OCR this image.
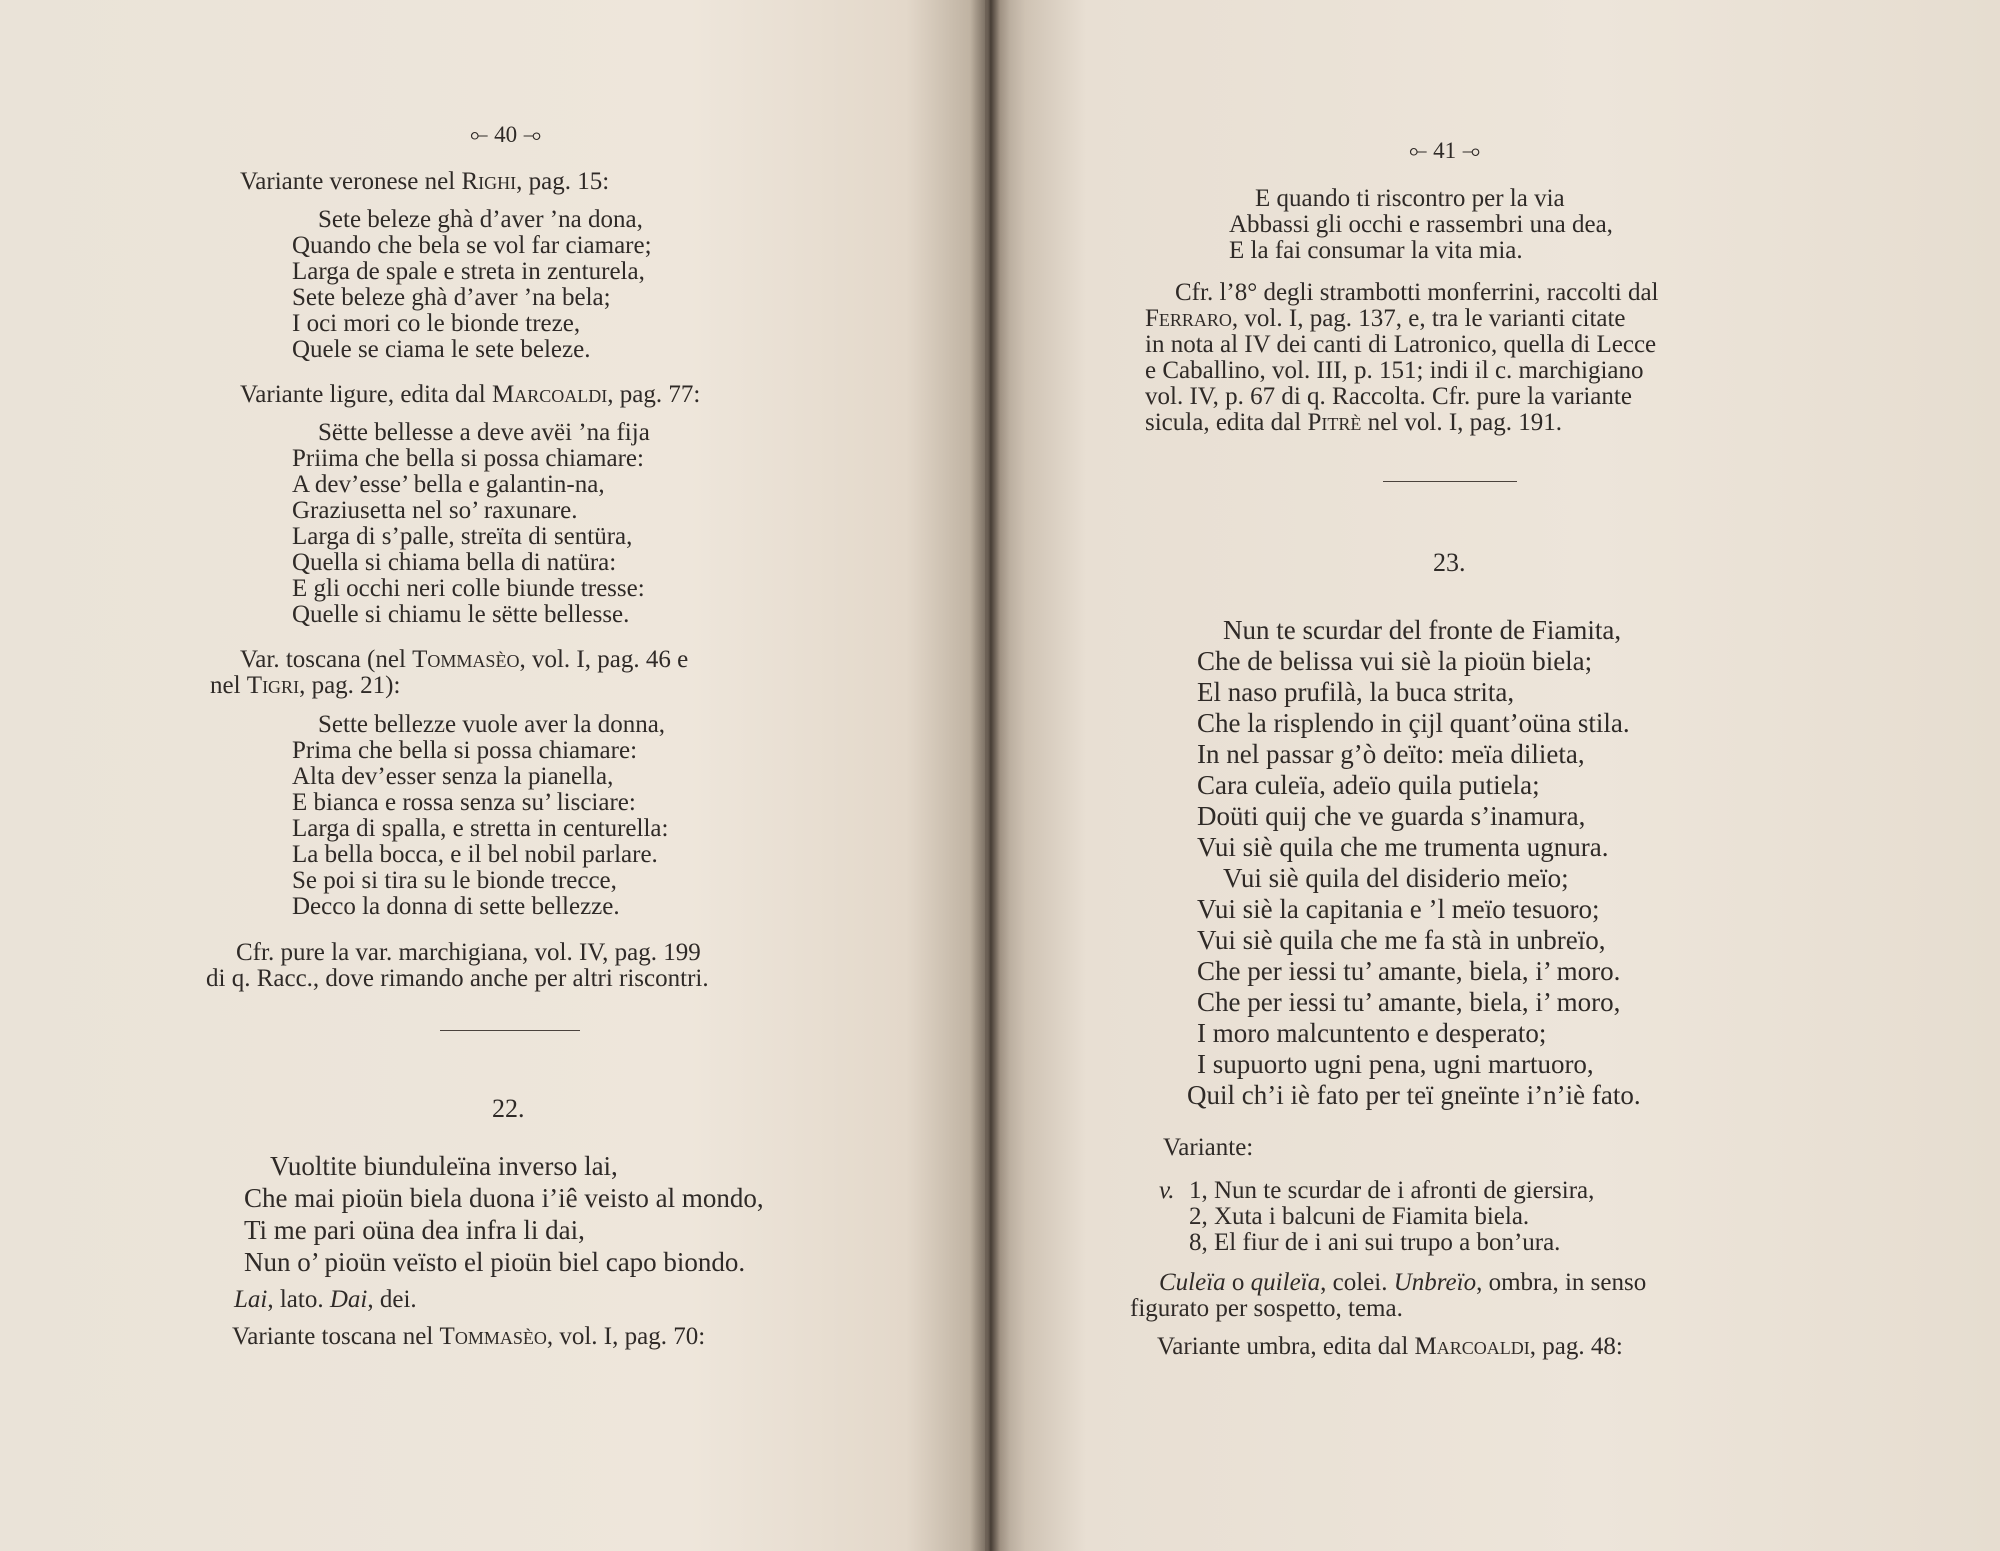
⟜ 40 ⊸
Variante veronese nel Righi, pag. 15:
Sete beleze ghà d’aver ’na dona,
Quando che bela se vol far ciamare;
Larga de spale e streta in zenturela,
Sete beleze ghà d’aver ’na bela;
I oci mori co le bionde treze,
Quele se ciama le sete beleze.
Variante ligure, edita dal Marcoaldi, pag. 77:
Sëtte bellesse a deve avëi ’na fija
Priima che bella si possa chiamare:
A dev’esse’ bella e galantin-na,
Graziusetta nel so’ raxunare.
Larga di s’palle, streïta di sentüra,
Quella si chiama bella di natüra:
E gli occhi neri colle biunde tresse:
Quelle si chiamu le sëtte bellesse.
Var. toscana (nel Tommasèo, vol. I, pag. 46 e
nel Tigri, pag. 21):
Sette bellezze vuole aver la donna,
Prima che bella si possa chiamare:
Alta dev’esser senza la pianella,
E bianca e rossa senza su’ lisciare:
Larga di spalla, e stretta in centurella:
La bella bocca, e il bel nobil parlare.
Se poi si tira su le bionde trecce,
Decco la donna di sette bellezze.
Cfr. pure la var. marchigiana, vol. IV, pag. 199
di q. Racc., dove rimando anche per altri riscontri.
22.
Vuoltite biunduleïna inverso lai,
Che mai pioün biela duona i’iê veisto al mondo,
Ti me pari oüna dea infra li dai,
Nun o’ pioün veïsto el pioün biel capo biondo.
Lai, lato. Dai, dei.
Variante toscana nel Tommasèo, vol. I, pag. 70:
⟜ 41 ⊸
E quando ti riscontro per la via
Abbassi gli occhi e rassembri una dea,
E la fai consumar la vita mia.
Cfr. l’8° degli strambotti monferrini, raccolti dal
Ferraro, vol. I, pag. 137, e, tra le varianti citate
in nota al IV dei canti di Latronico, quella di Lecce
e Caballino, vol. III, p. 151; indi il c. marchigiano
vol. IV, p. 67 di q. Raccolta. Cfr. pure la variante
sicula, edita dal Pitrè nel vol. I, pag. 191.
23.
Nun te scurdar del fronte de Fiamita,
Che de belissa vui siè la pioün biela;
El naso prufilà, la buca strita,
Che la risplendo in çijl quant’oüna stila.
In nel passar g’ò deïto: meïa dilieta,
Cara culeïa, adeïo quila putiela;
Doüti quij che ve guarda s’inamura,
Vui siè quila che me trumenta ugnura.
Vui siè quila del disiderio meïo;
Vui siè la capitania e ’l meïo tesuoro;
Vui siè quila che me fa stà in unbreïo,
Che per iessi tu’ amante, biela, i’ moro.
Che per iessi tu’ amante, biela, i’ moro,
I moro malcuntento e desperato;
I supuorto ugni pena, ugni martuoro,
Quil ch’i iè fato per teï gneïnte i’n’iè fato.
Variante:
v. 1, Nun te scurdar de i afronti de giersira,
2, Xuta i balcuni de Fiamita biela.
8, El fiur de i ani sui trupo a bon’ura.
Culeïa o quileïa, colei. Unbreïo, ombra, in senso
figurato per sospetto, tema.
Variante umbra, edita dal Marcoaldi, pag. 48:
